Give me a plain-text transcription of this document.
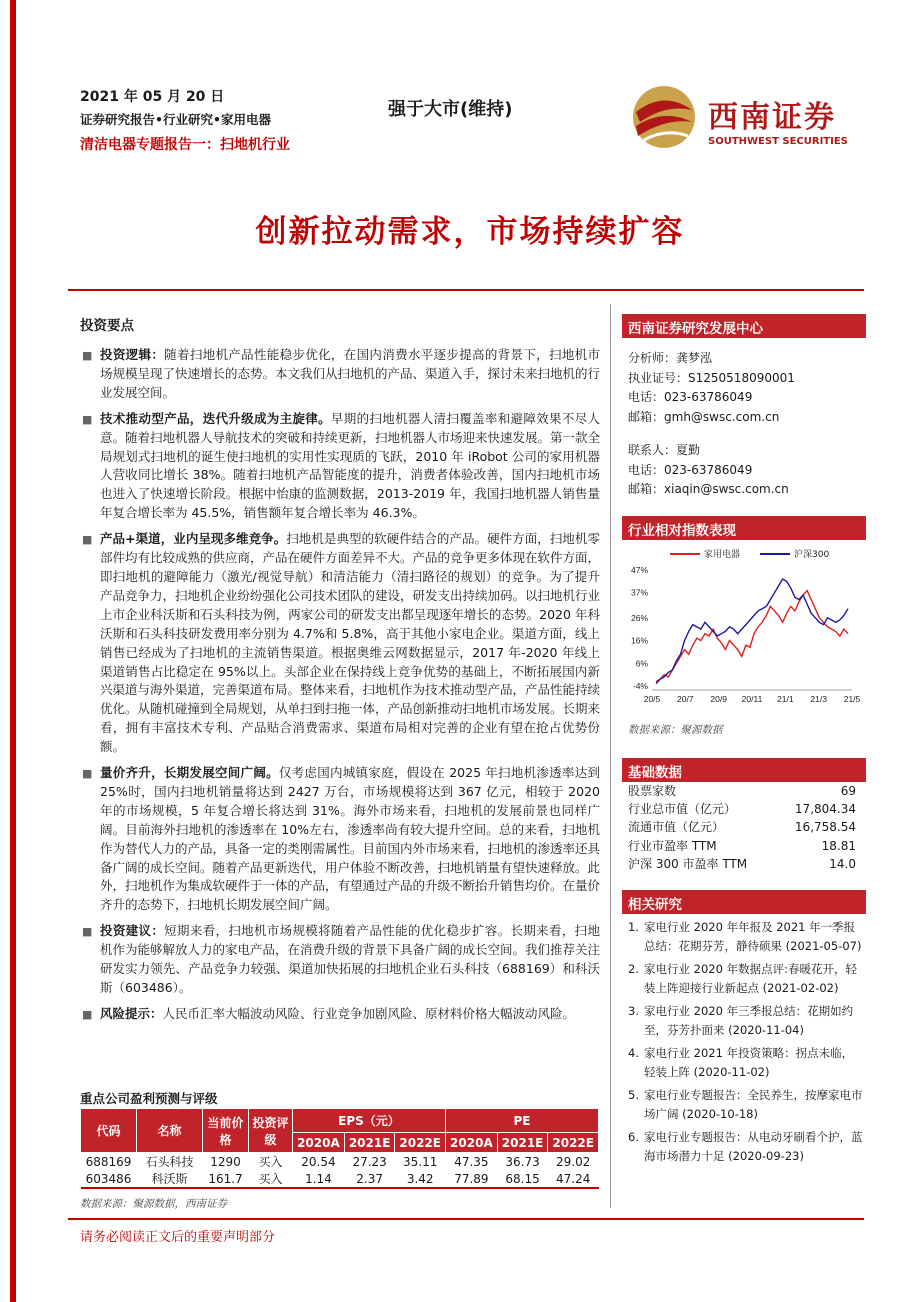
2021 年 05 月 20 日
证券研究报告•行业研究•家用电器
清洁电器专题报告一：扫地机行业
强于大市(维持)	西南证券
SOUTHWEST SECURITIES
创新拉动需求，市场持续扩容
投资要点
■ 投资逻辑：随着扫地机产品性能稳步优化，在国内消费水平逐步提高的背景下，扫地机市场规模呈现了快速增长的态势。本文我们从扫地机的产品、渠道入手，探讨未来扫地机的行业发展空间。
■ 技术推动型产品，迭代升级成为主旋律。早期的扫地机器人清扫覆盖率和避障效果不尽人意。随着扫地机器人导航技术的突破和持续更新，扫地机器人市场迎来快速发展。第一款全局规划式扫地机的诞生使扫地机的实用性实现质的飞跃，2010 年 iRobot 公司的家用机器人营收同比增长 38%。随着扫地机产品智能度的提升，消费者体验改善，国内扫地机市场也进入了快速增长阶段。根据中怡康的监测数据，2013-2019 年，我国扫地机器人销售量年复合增长率为 45.5%，销售额年复合增长率为 46.3%。
■ 产品+渠道，业内呈现多维竞争。扫地机是典型的软硬件结合的产品。硬件方面，扫地机零部件均有比较成熟的供应商，产品在硬件方面差异不大。产品的竞争更多体现在软件方面，即扫地机的避障能力（激光/视觉导航）和清洁能力（清扫路径的规划）的竞争。为了提升产品竞争力，扫地机企业纷纷强化公司技术团队的建设，研发支出持续加码。以扫地机行业上市企业科沃斯和石头科技为例，两家公司的研发支出都呈现逐年增长的态势。2020 年科沃斯和石头科技研发费用率分别为 4.7%和 5.8%，高于其他小家电企业。渠道方面，线上销售已经成为了扫地机的主流销售渠道。根据奥维云网数据显示，2017 年-2020 年线上渠道销售占比稳定在 95%以上。头部企业在保持线上竞争优势的基础上，不断拓展国内新兴渠道与海外渠道，完善渠道布局。整体来看，扫地机作为技术推动型产品，产品性能持续优化。从随机碰撞到全局规划，从单扫到扫拖一体，产品创新推动扫地机市场发展。长期来看，拥有丰富技术专利、产品贴合消费需求、渠道布局相对完善的企业有望在抢占优势份额。
■ 量价齐升，长期发展空间广阔。仅考虑国内城镇家庭，假设在 2025 年扫地机渗透率达到 25%时，国内扫地机销量将达到 2427 万台，市场规模将达到 367 亿元，相较于 2020 年的市场规模，5 年复合增长将达到 31%。海外市场来看，扫地机的发展前景也同样广阔。目前海外扫地机的渗透率在 10%左右，渗透率尚有较大提升空间。总的来看，扫地机作为替代人力的产品，具备一定的类刚需属性。目前国内外市场来看，扫地机的渗透率还具备广阔的成长空间。随着产品更新迭代，用户体验不断改善，扫地机销量有望快速释放。此外，扫地机作为集成软硬件于一体的产品，有望通过产品的升级不断抬升销售均价。在量价齐升的态势下，扫地机长期发展空间广阔。
■ 投资建议：短期来看，扫地机市场规模将随着产品性能的优化稳步扩容。长期来看，扫地机作为能够解放人力的家电产品，在消费升级的背景下具备广阔的成长空间。我们推荐关注研发实力领先、产品竞争力较强、渠道加快拓展的扫地机企业石头科技（688169）和科沃斯（603486）。
■ 风险提示：人民币汇率大幅波动风险、行业竞争加剧风险、原材料价格大幅波动风险。
重点公司盈利预测与评级
代码	名称	当前价格	投资评级	EPS（元）			PE		
				2020A	2021E	2022E	2020A	2021E	2022E
688169	石头科技	1290	买入	20.54	27.23	35.11	47.35	36.73	29.02
603486	科沃斯	161.7	买入	1.14	2.37	3.42	77.89	68.15	47.24
数据来源：聚源数据，西南证券
西南证券研究发展中心
分析师：龚梦泓
执业证号：S1250518090001
电话：023-63786049
邮箱：gmh@swsc.com.cn
联系人：夏勤
电话：023-63786049
邮箱：xiaqin@swsc.com.cn
行业相对指数表现
47%
37%
26%
16%
6%
-4%
20/5 20/7 20/9 20/11 21/1 21/3 21/5
家用电器	沪深300
数据来源：聚源数据
基础数据
股票家数	69
行业总市值（亿元）	17,804.34
流通市值（亿元）	16,758.54
行业市盈率 TTM	18.81
沪深 300 市盈率 TTM	14.0
相关研究
1. 家电行业 2020 年年报及 2021 年一季报总结：花期芬芳，静待硕果 (2021-05-07)
2. 家电行业 2020 年数据点评:春暖花开，轻装上阵迎接行业新起点 (2021-02-02)
3. 家电行业 2020 年三季报总结：花期如约至，芬芳扑面来 (2020-11-04)
4. 家电行业 2021 年投资策略：拐点未临，轻装上阵 (2020-11-02)
5. 家电行业专题报告：全民养生，按摩家电市场广阔 (2020-10-18)
6. 家电行业专题报告：从电动牙刷看个护，蓝海市场潜力十足 (2020-09-23)
请务必阅读正文后的重要声明部分
